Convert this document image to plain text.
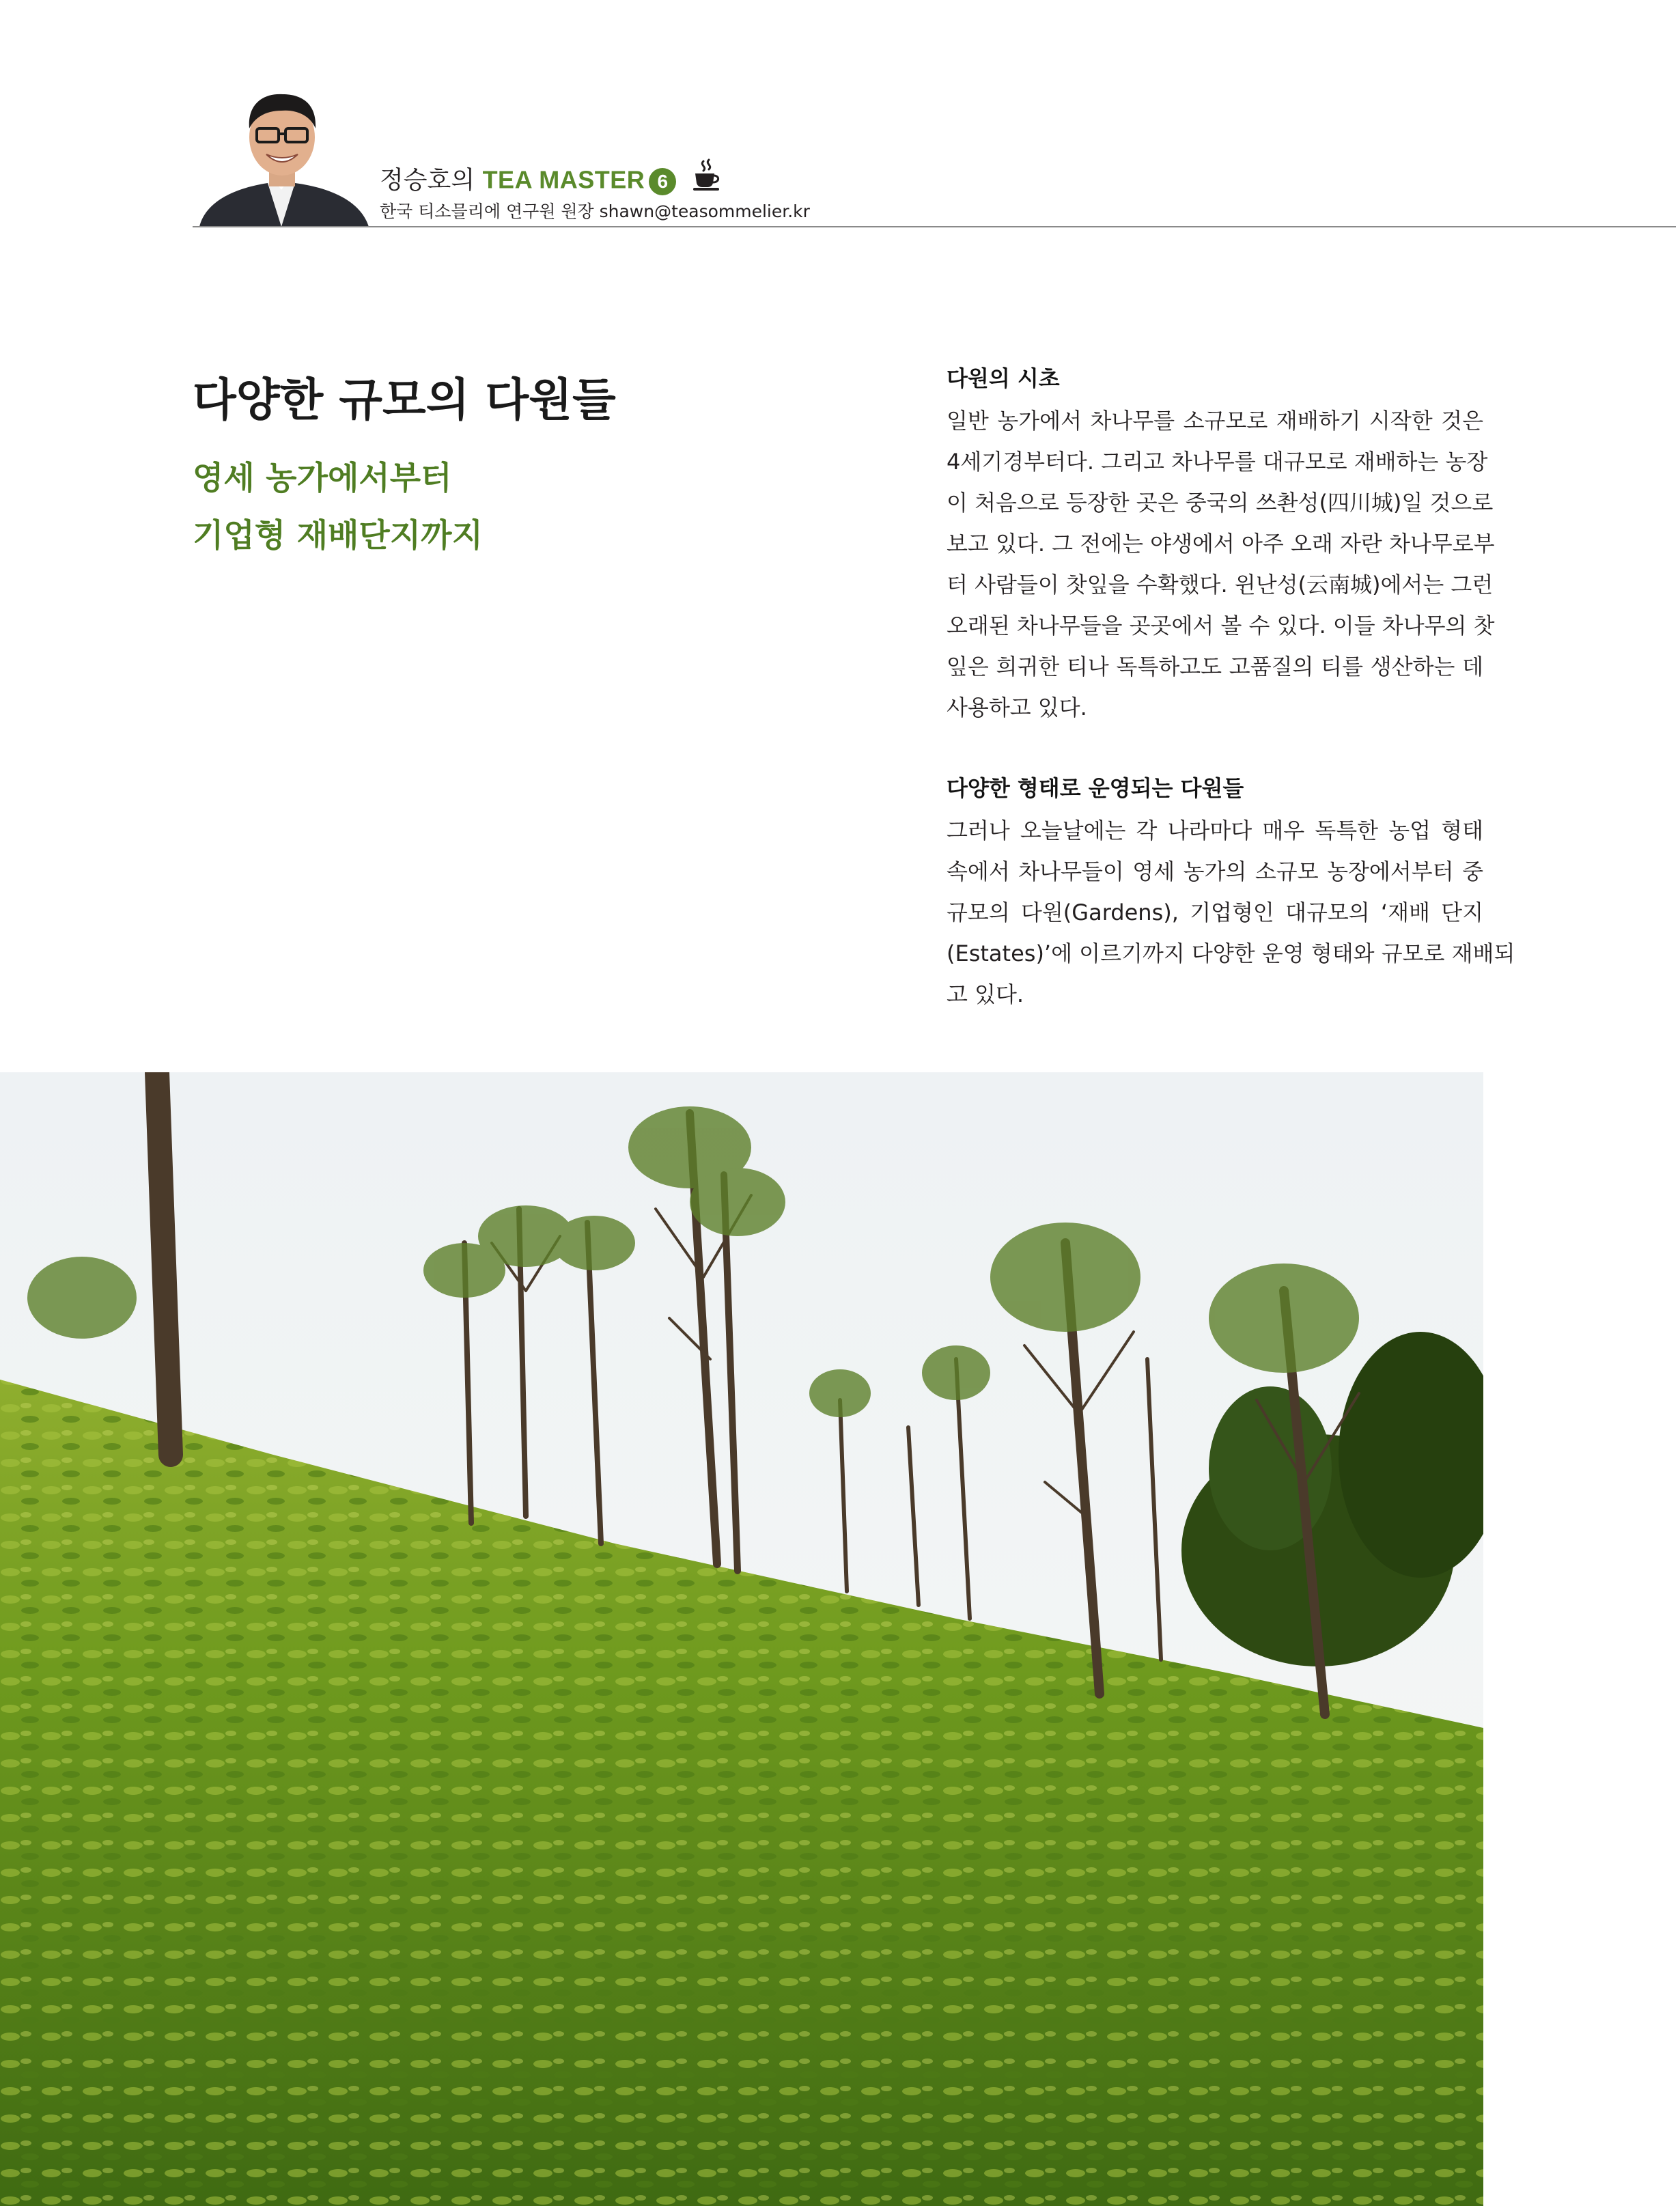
정승호의 TEA MASTER 6
한국 티소믈리에 연구원 원장 shawn@teasommelier.kr
다양한 규모의 다원들
영세 농가에서부터
기업형 재배단지까지
다원의 시초
일반 농가에서 차나무를 소규모로 재배하기 시작한 것은
4세기경부터다. 그리고 차나무를 대규모로 재배하는 농장
이 처음으로 등장한 곳은 중국의 쓰촨성(四川城)일 것으로
보고 있다. 그 전에는 야생에서 아주 오래 자란 차나무로부
터 사람들이 찻잎을 수확했다. 윈난성(云南城)에서는 그런
오래된 차나무들을 곳곳에서 볼 수 있다. 이들 차나무의 찻
잎은 희귀한 티나 독특하고도 고품질의 티를 생산하는 데
사용하고 있다.
다양한 형태로 운영되는 다원들
그러나 오늘날에는 각 나라마다 매우 독특한 농업 형태
속에서 차나무들이 영세 농가의 소규모 농장에서부터 중
규모의 다원(Gardens), 기업형인 대규모의 ‘재배 단지
(Estates)’에 이르기까지 다양한 운영 형태와 규모로 재배되
고 있다.
